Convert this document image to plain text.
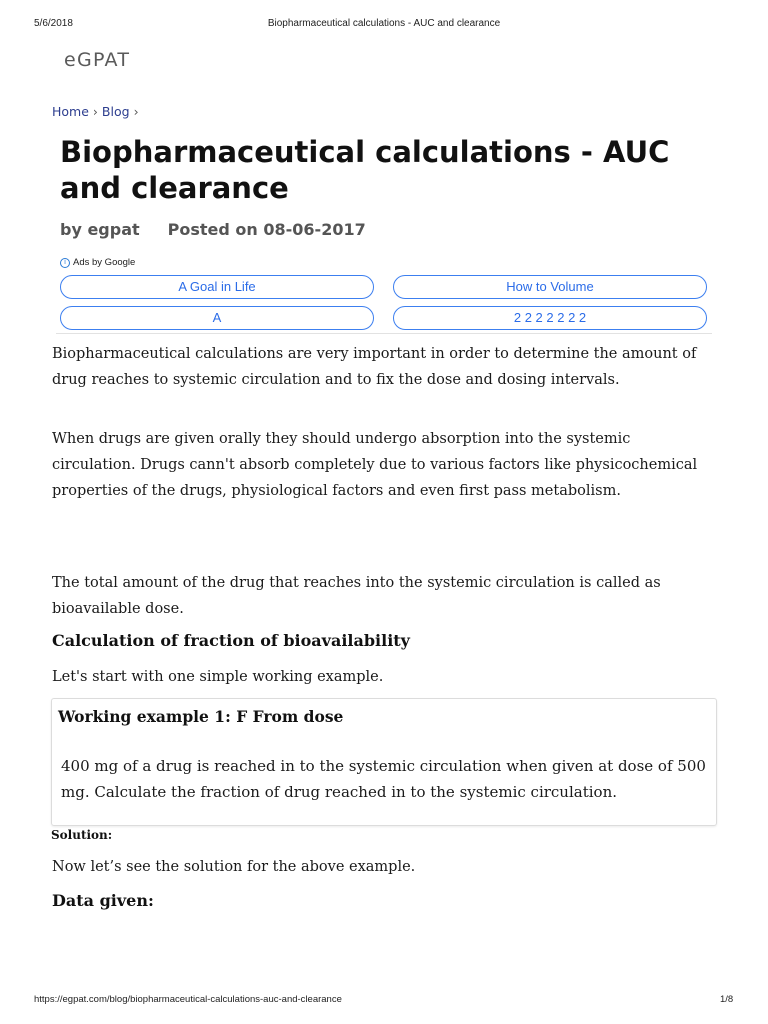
5/6/2018	Biopharmaceutical calculations - AUC and clearance
eGPAT
Home › Blog ›
Biopharmaceutical calculations - AUC and clearance
by egpat Posted on 08-06-2017
i Ads by Google
A Goal in Life	How to Volume
A	2 2 2 2 2 2 2

Biopharmaceutical calculations are very important in order to determine the amount of drug reaches to systemic circulation and to fix the dose and dosing intervals.

When drugs are given orally they should undergo absorption into the systemic circulation. Drugs cann't absorb completely due to various factors like physicochemical properties of the drugs, physiological factors and even first pass metabolism.

The total amount of the drug that reaches into the systemic circulation is called as bioavailable dose.

Calculation of fraction of bioavailability

Let's start with one simple working example.

Working example 1: F From dose

400 mg of a drug is reached in to the systemic circulation when given at dose of 500 mg. Calculate the fraction of drug reached in to the systemic circulation.

Solution:

Now let’s see the solution for the above example.

Data given:
https://egpat.com/blog/biopharmaceutical-calculations-auc-and-clearance	1/8
